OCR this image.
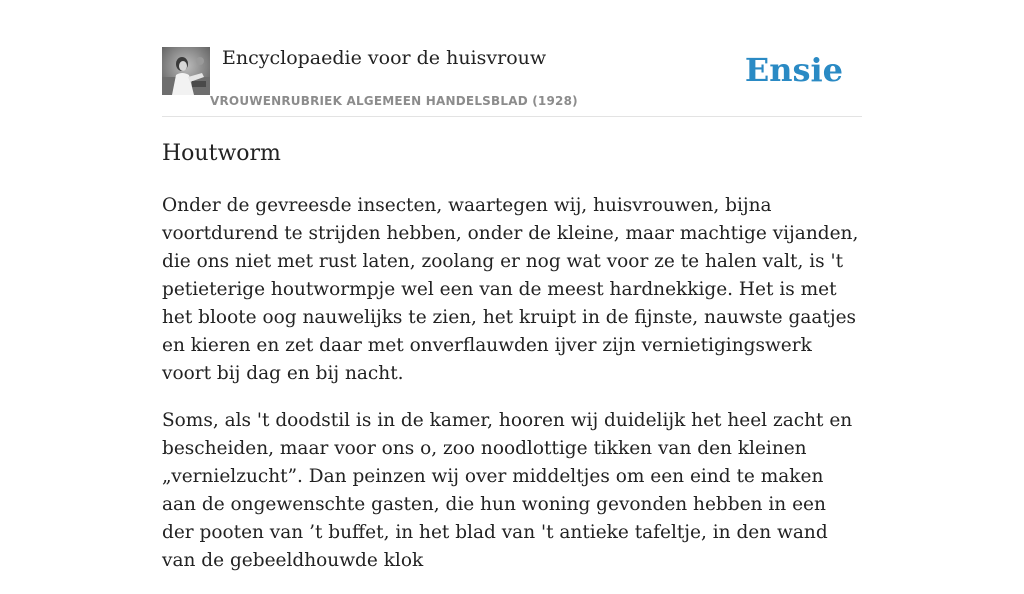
Encyclopaedie voor de huisvrouw
VROUWENRUBRIEK ALGEMEEN HANDELSBLAD (1928)
Ensie
Houtworm

Onder de gevreesde insecten, waartegen wij, huisvrouwen, bijna voortdurend te strijden hebben, onder de kleine, maar machtige vijanden, die ons niet met rust laten, zoolang er nog wat voor ze te halen valt, is 't petieterige houtwormpje wel een van de meest hardnekkige. Het is met het bloote oog nauwelijks te zien, het kruipt in de fijnste, nauwste gaatjes en kieren en zet daar met onverflauwden ijver zijn vernietigingswerk voort bij dag en bij nacht.

Soms, als 't doodstil is in de kamer, hooren wij duidelijk het heel zacht en bescheiden, maar voor ons o, zoo noodlottige tikken van den kleinen „vernielzucht”. Dan peinzen wij over middeltjes om een eind te maken aan de ongewenschte gasten, die hun woning gevonden hebben in een der pooten van ’t buffet, in het blad van 't antieke tafeltje, in den wand van de gebeeldhouwde klok
